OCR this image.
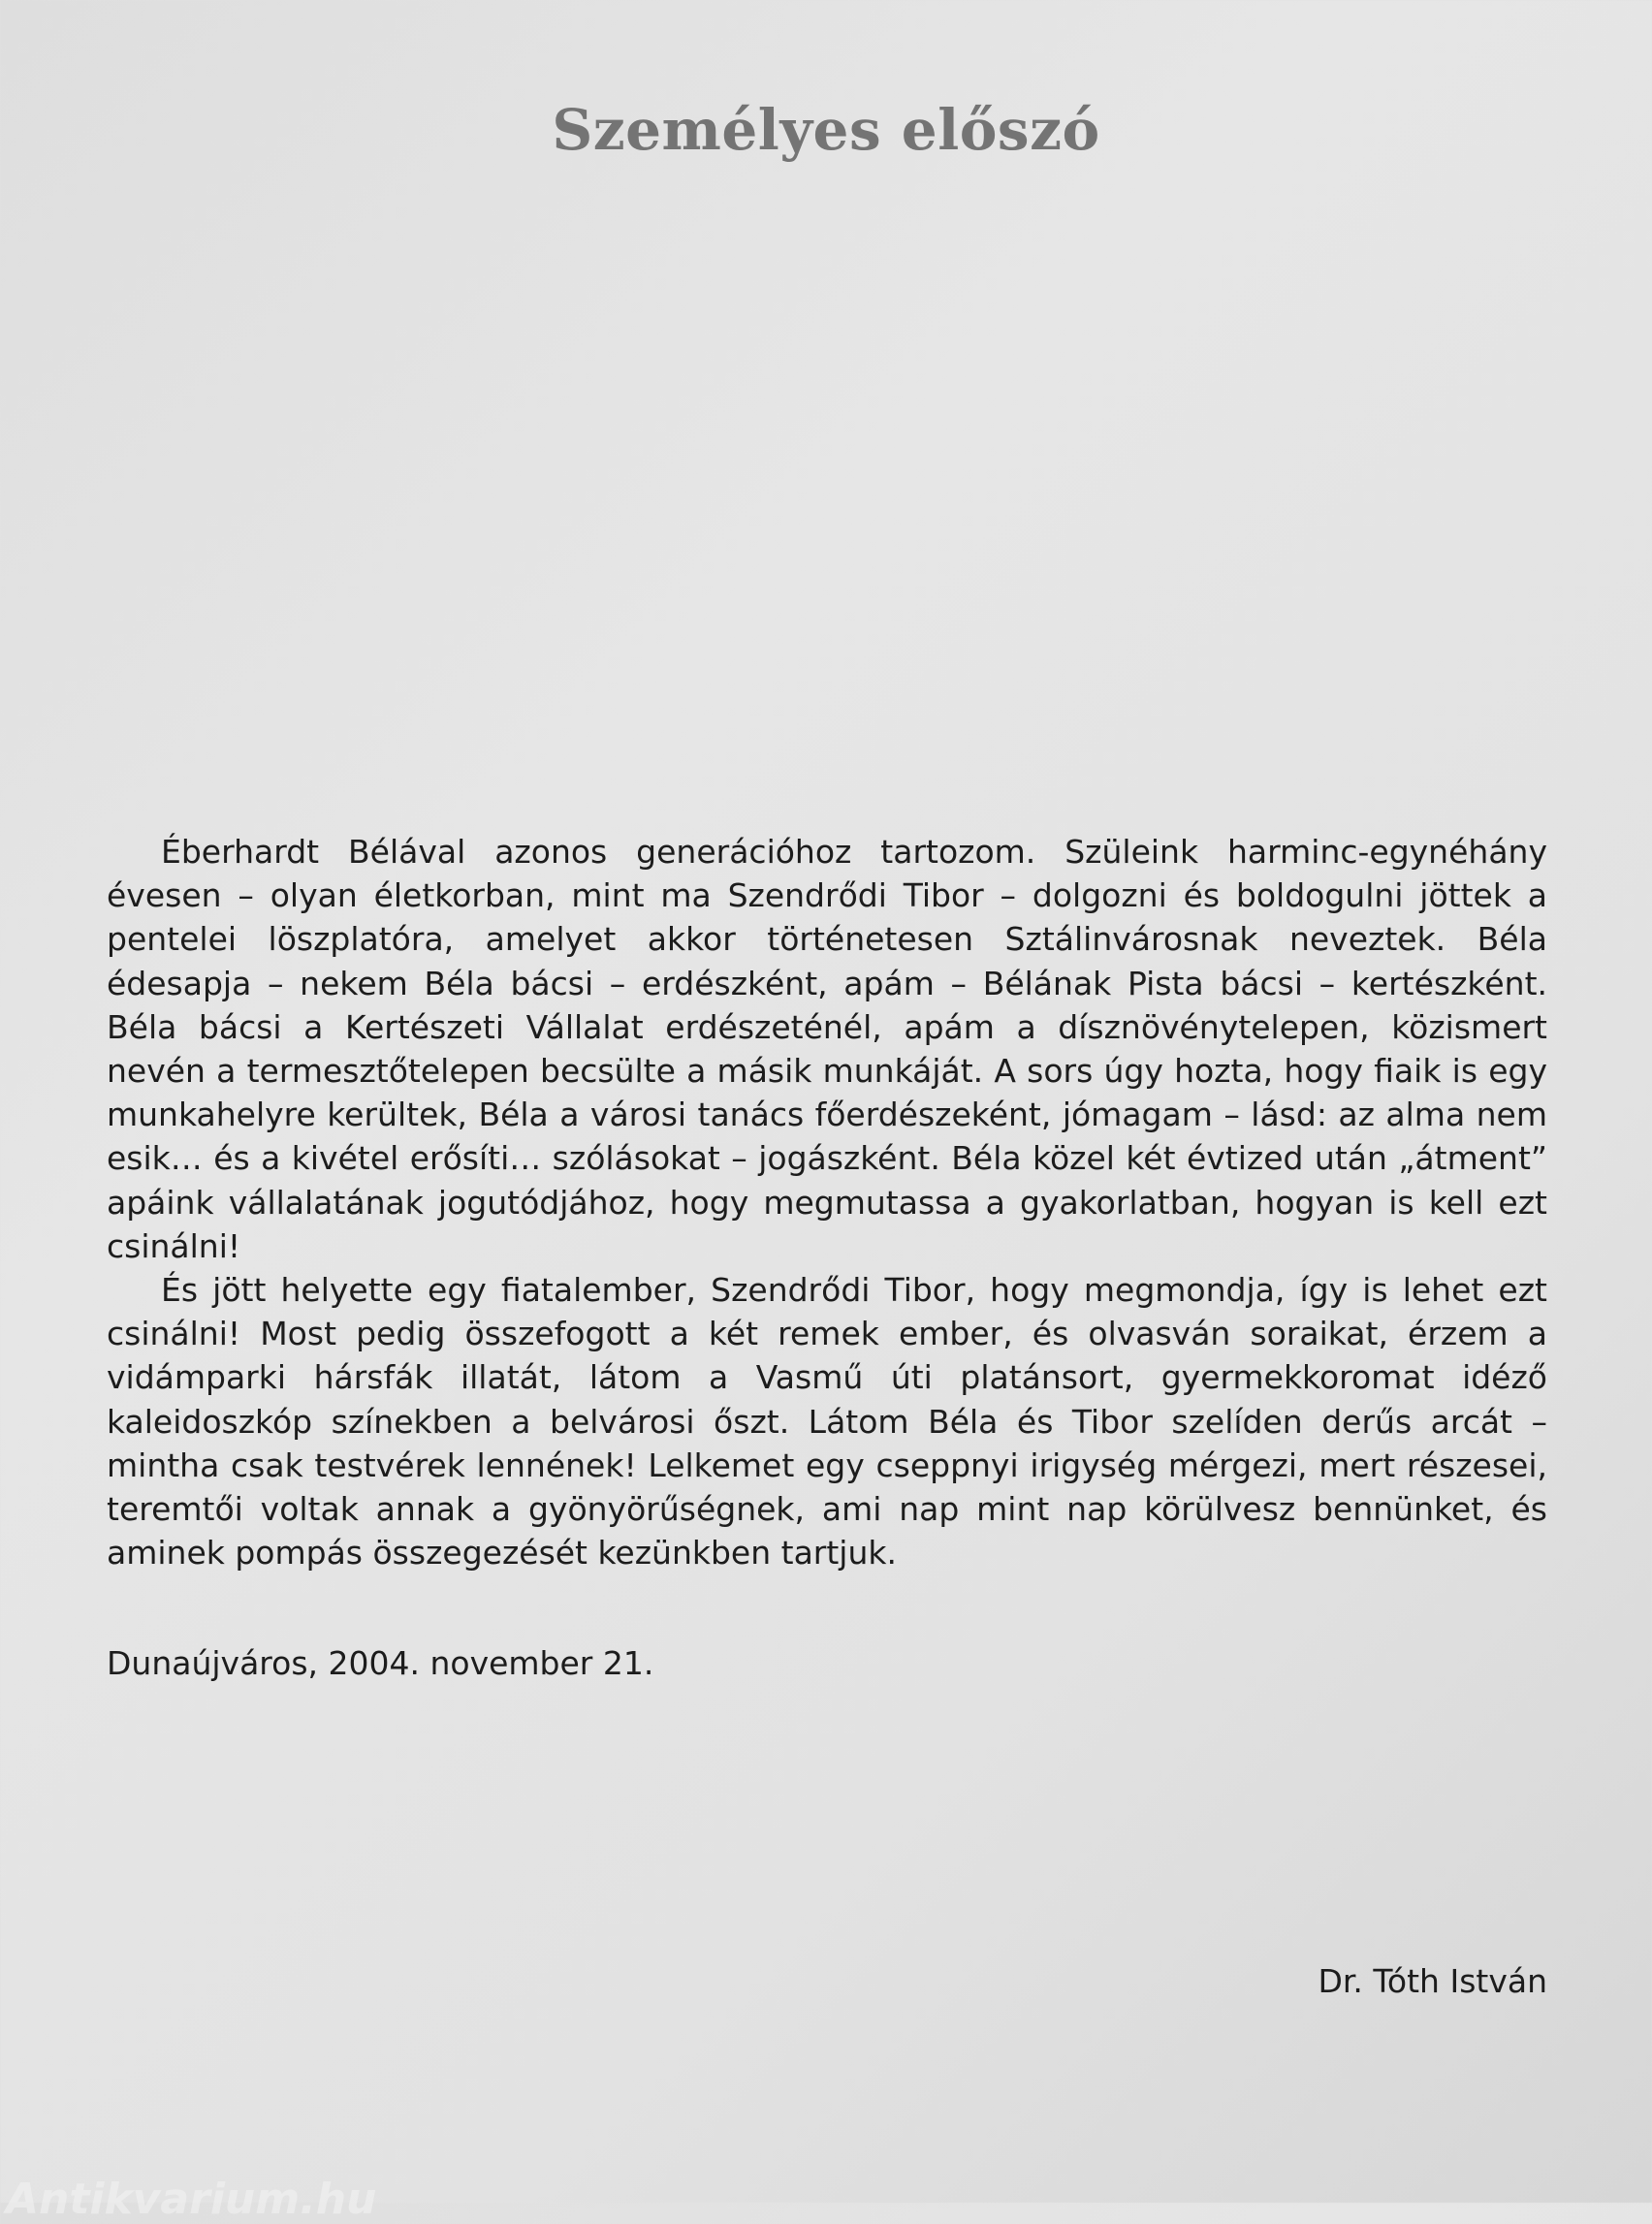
Személyes előszó

Éberhardt Bélával azonos generációhoz tartozom. Szüleink harminc-egynéhány évesen – olyan életkorban, mint ma Szendrődi Tibor – dolgozni és boldogulni jöttek a pentelei löszplatóra, amelyet akkor történetesen Sztálinvárosnak neveztek. Béla édesapja – nekem Béla bácsi – erdészként, apám – Bélának Pista bácsi – kertészként. Béla bácsi a Kertészeti Vállalat erdészeténél, apám a dísznövénytelepen, közismert nevén a termesztőtelepen becsülte a másik munkáját. A sors úgy hozta, hogy fiaik is egy munkahelyre kerültek, Béla a városi tanács főerdészeként, jómagam – lásd: az alma nem esik… és a kivétel erősíti… szólásokat – jogászként. Béla közel két évtized után „átment” apáink vállalatának jogutódjához, hogy megmutassa a gyakorlatban, hogyan is kell ezt csinálni!

És jött helyette egy fiatalember, Szendrődi Tibor, hogy megmondja, így is lehet ezt csinálni! Most pedig összefogott a két remek ember, és olvasván soraikat, érzem a vidámparki hársfák illatát, látom a Vasmű úti platánsort, gyermekkoromat idéző kaleidoszkóp színekben a belvárosi őszt. Látom Béla és Tibor szelíden derűs arcát – mintha csak testvérek lennének! Lelkemet egy cseppnyi irigység mérgezi, mert részesei, teremtői voltak annak a gyönyörűségnek, ami nap mint nap körülvesz bennünket, és aminek pompás összegezését kezünkben tartjuk.

Dunaújváros, 2004. november 21.

Dr. Tóth István

Antikvarium.hu
